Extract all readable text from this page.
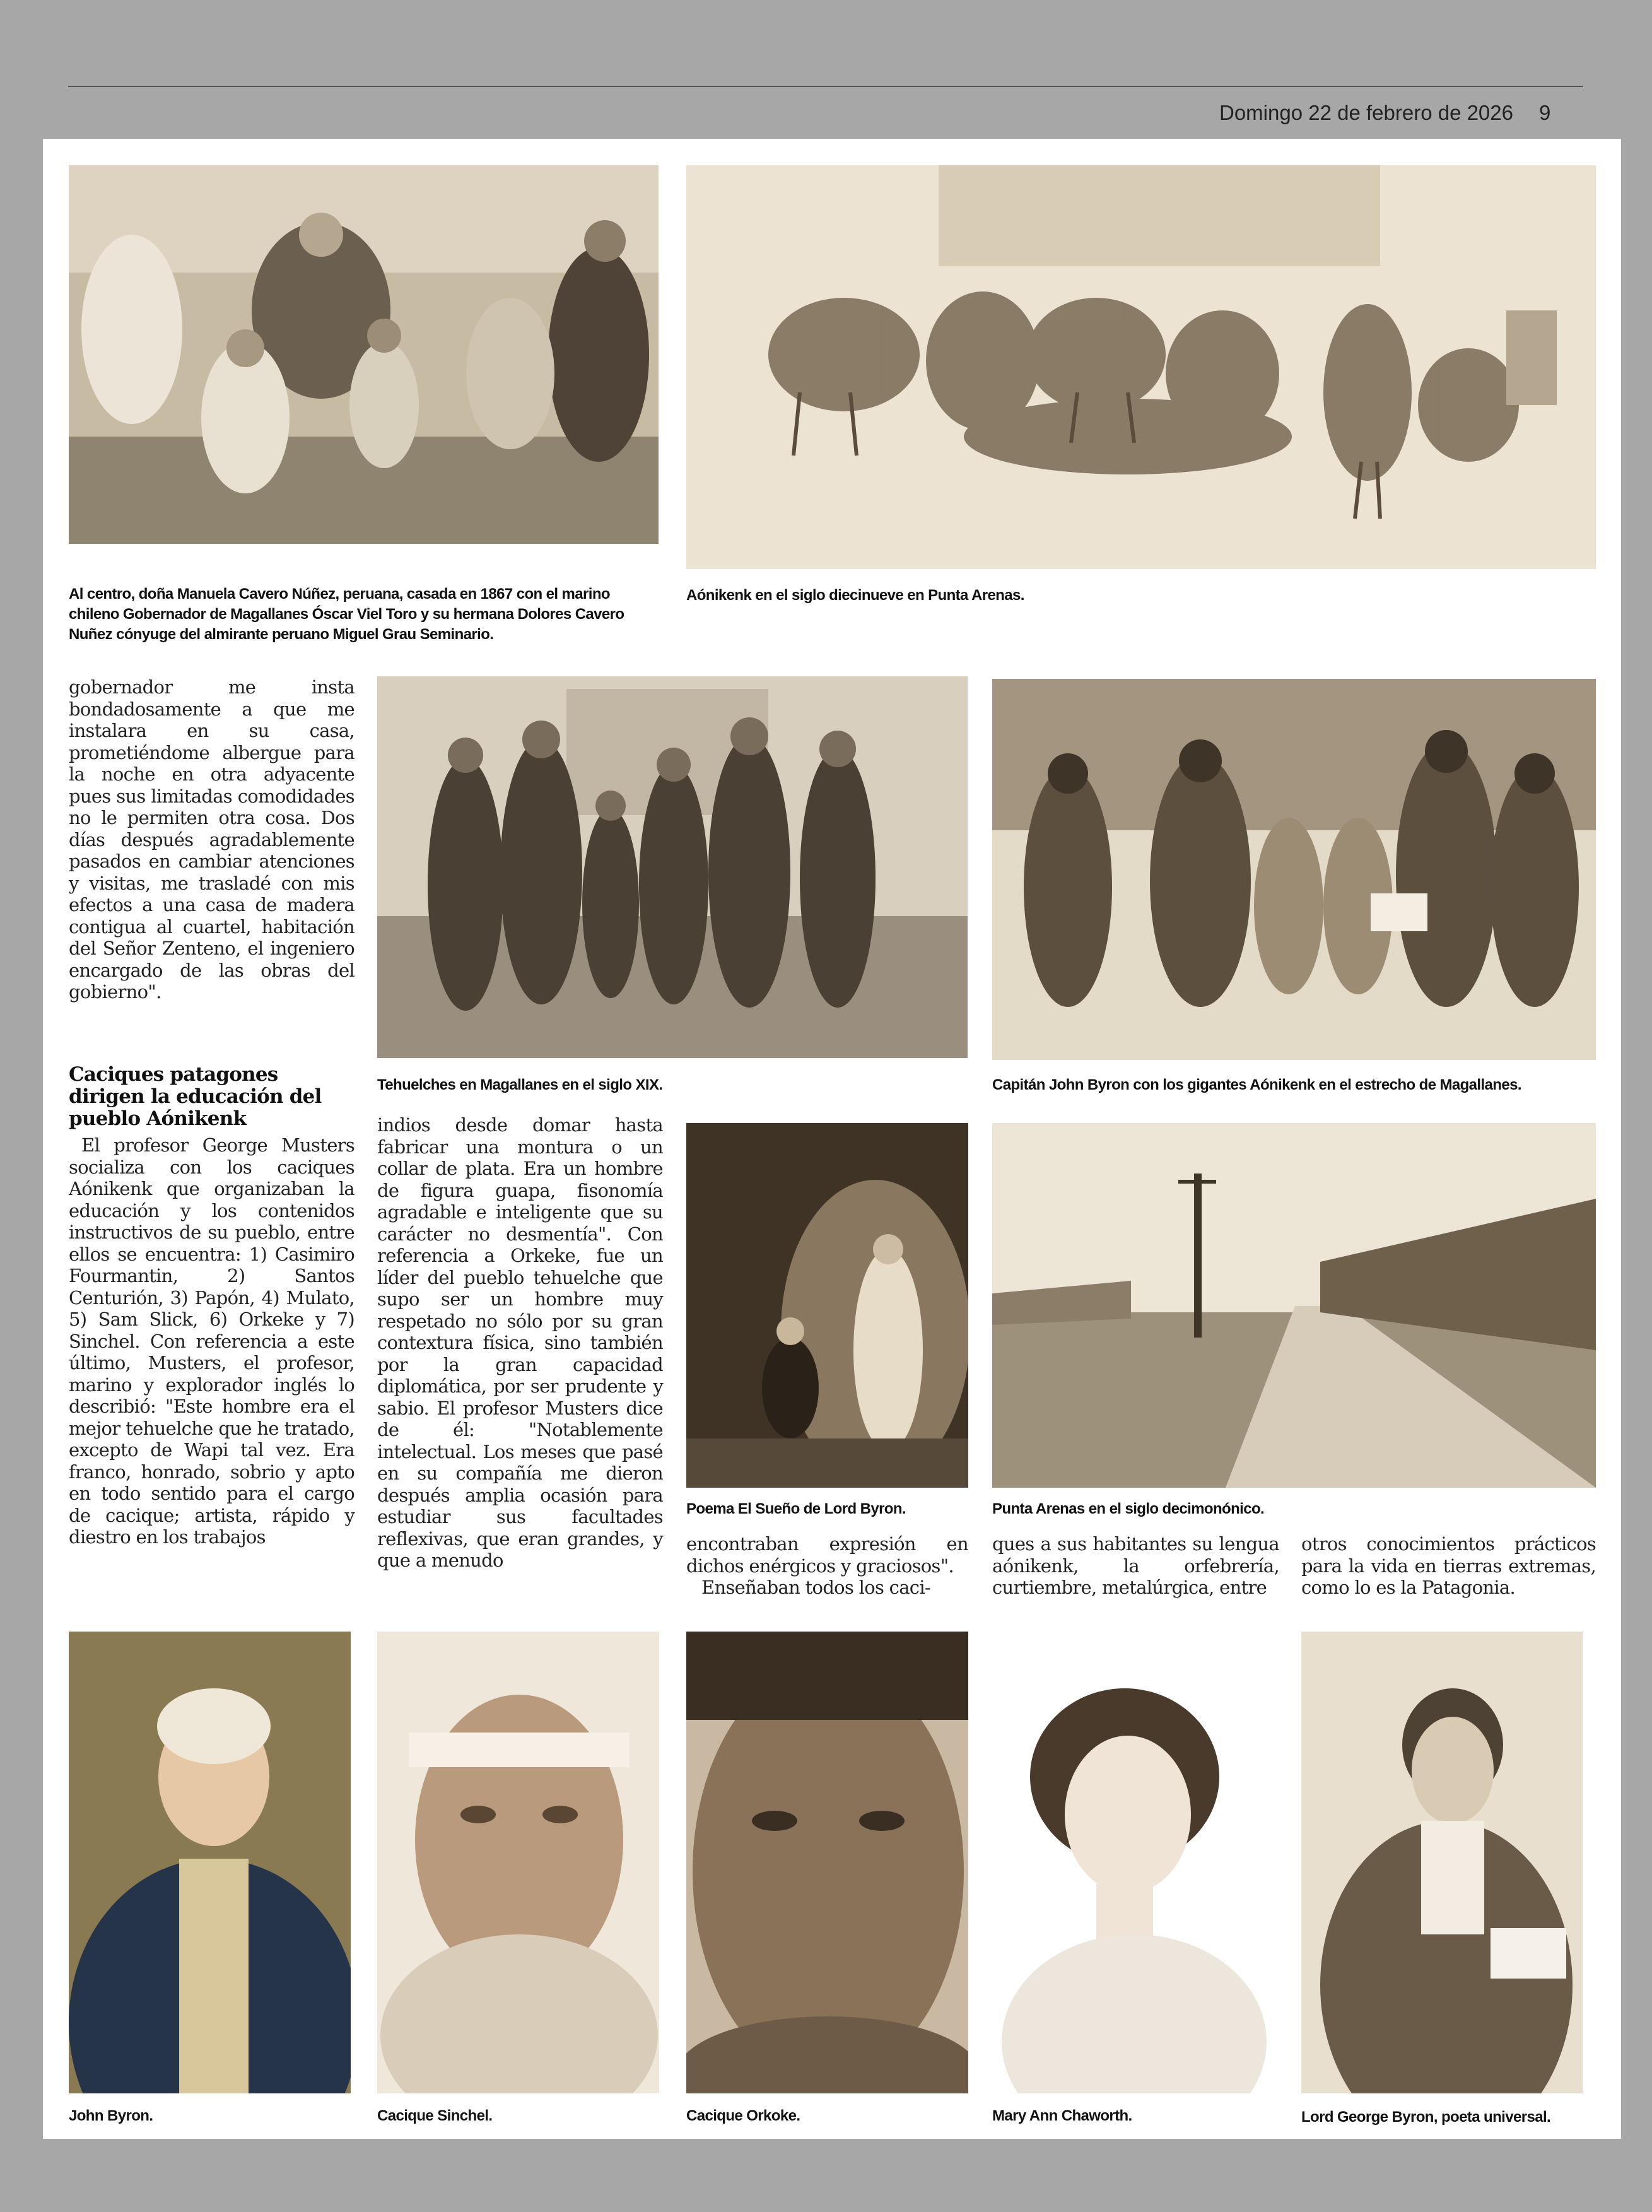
Domingo 22 de febrero de 2026 9
Al centro, doña Manuela Cavero Núñez, peruana, casada en 1867 con el marino chileno Gobernador de Magallanes Óscar Viel Toro y su hermana Dolores Cavero Nuñez cónyuge del almirante peruano Miguel Grau Seminario.
Aónikenk en el siglo diecinueve en Punta Arenas.
gobernador me insta bondadosamente a que me instalara en su casa, prometiéndome albergue para la noche en otra adyacente pues sus limitadas comodidades no le permiten otra cosa. Dos días después agradablemente pasados en cambiar atenciones y visitas, me trasladé con mis efectos a una casa de madera contigua al cuartel, habitación del Señor Zenteno, el ingeniero encargado de las obras del gobierno".
Caciques patagones dirigen la educación del pueblo Aónikenk
Tehuelches en Magallanes en el siglo XIX.	Capitán John Byron con los gigantes Aónikenk en el estrecho de Magallanes.
El profesor George Musters socializa con los caciques Aónikenk que organizaban la educación y los contenidos instructivos de su pueblo, entre ellos se encuentra: 1) Casimiro Fourmantin, 2) Santos Centurión, 3) Papón, 4) Mulato, 5) Sam Slick, 6) Orkeke y 7) Sinchel. Con referencia a este último, Musters, el profesor, marino y explorador inglés lo describió: "Este hombre era el mejor tehuelche que he tratado, excepto de Wapi tal vez. Era franco, honrado, sobrio y apto en todo sentido para el cargo de cacique; artista, rápido y diestro en los trabajos
indios desde domar hasta fabricar una montura o un collar de plata. Era un hombre de figura guapa, fisonomía agradable e inteligente que su carácter no desmentía". Con referencia a Orkeke, fue un líder del pueblo tehuelche que supo ser un hombre muy respetado no sólo por su gran contextura física, sino también por la gran capacidad diplomática, por ser prudente y sabio. El profesor Musters dice de él: "Notablemente intelectual. Los meses que pasé en su compañía me dieron después amplia ocasión para estudiar sus facultades reflexivas, que eran grandes, y que a menudo
Poema El Sueño de Lord Byron.	Punta Arenas en el siglo decimonónico.
encontraban expresión en dichos enérgicos y graciosos".
Enseñaban todos los caci-
ques a sus habitantes su lengua aónikenk, la orfebrería, curtiembre, metalúrgica, entre
otros conocimientos prácticos para la vida en tierras extremas, como lo es la Patagonia.
John Byron.	Cacique Sinchel.	Cacique Orkoke.	Mary Ann Chaworth.	Lord George Byron, poeta universal.
